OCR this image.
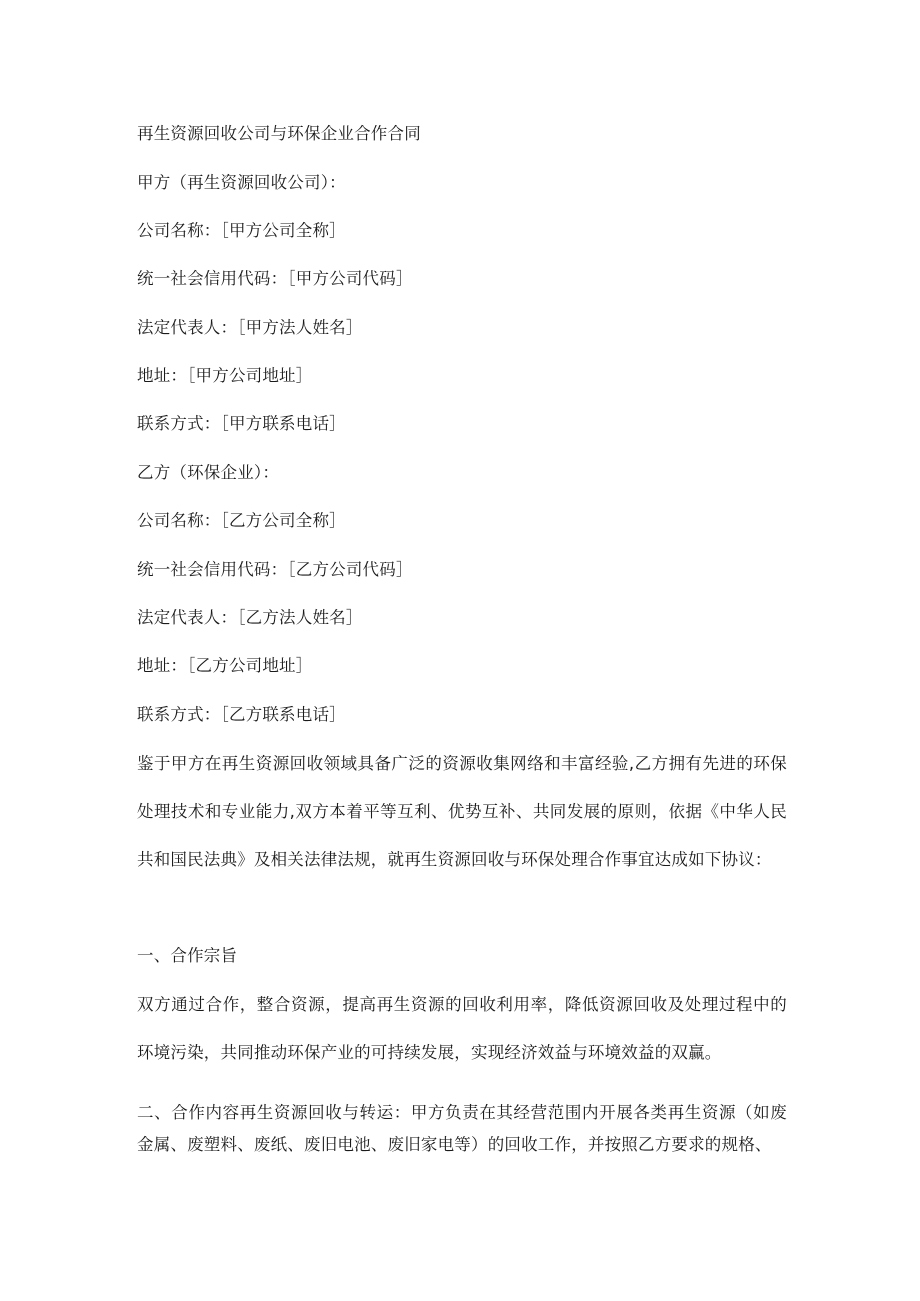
再生资源回收公司与环保企业合作合同
甲方（再生资源回收公司）：
公司名称：［甲方公司全称］
统一社会信用代码：［甲方公司代码］
法定代表人：［甲方法人姓名］
地址：［甲方公司地址］
联系方式：［甲方联系电话］
乙方（环保企业）：
公司名称：［乙方公司全称］
统一社会信用代码：［乙方公司代码］
法定代表人：［乙方法人姓名］
地址：［乙方公司地址］
联系方式：［乙方联系电话］
鉴于甲方在再生资源回收领域具备广泛的资源收集网络和丰富经验,乙方拥有先进的环保处理技术和专业能力,双方本着平等互利、优势互补、共同发展的原则，依据《中华人民共和国民法典》及相关法律法规，就再生资源回收与环保处理合作事宜达成如下协议：
一、合作宗旨
双方通过合作，整合资源，提高再生资源的回收利用率，降低资源回收及处理过程中的环境污染，共同推动环保产业的可持续发展，实现经济效益与环境效益的双赢。
二、合作内容再生资源回收与转运：甲方负责在其经营范围内开展各类再生资源（如废金属、废塑料、废纸、废旧电池、废旧家电等）的回收工作，并按照乙方要求的规格、
